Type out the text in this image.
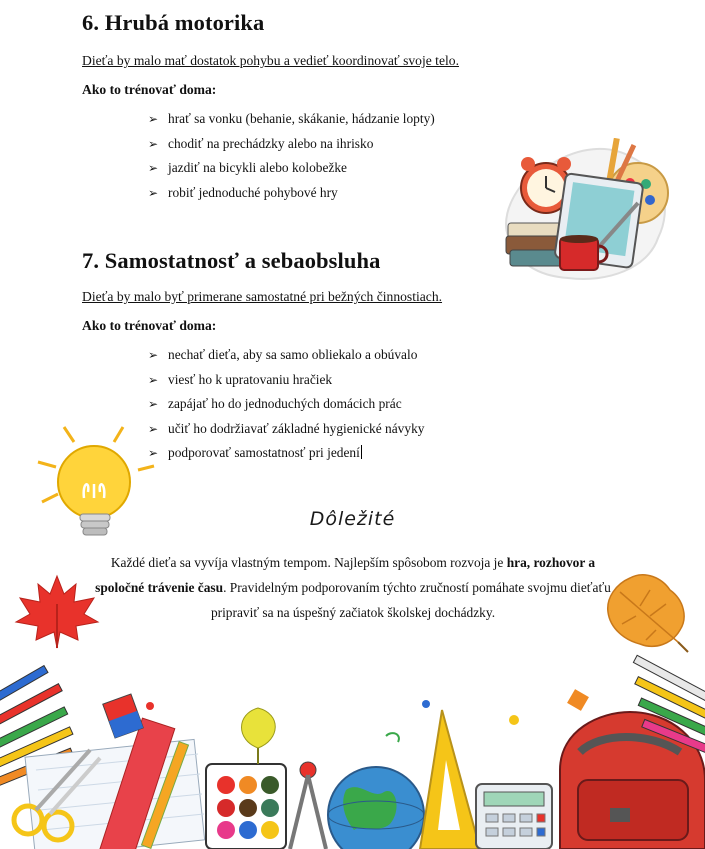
6. Hrubá motorika

Dieťa by malo mať dostatok pohybu a vedieť koordinovať svoje telo.

Ako to trénovať doma:

➢ hrať sa vonku (behanie, skákanie, hádzanie lopty)
➢ chodiť na prechádzky alebo na ihrisko
➢ jazdiť na bicykli alebo kolobežke
➢ robiť jednoduché pohybové hry
7. Samostatnosť a sebaobsluha

Dieťa by malo byť primerane samostatné pri bežných činnostiach.

Ako to trénovať doma:

➢ nechať dieťa, aby sa samo obliekalo a obúvalo
➢ viesť ho k upratovaniu hračiek
➢ zapájať ho do jednoduchých domácich prác
➢ učiť ho dodržiavať základné hygienické návyky
➢ podporovať samostatnosť pri jedení
Dôležité

Každé dieťa sa vyvíja vlastným tempom. Najlepším spôsobom rozvoja je hra, rozhovor a spoločné trávenie času. Pravidelným podporovaním týchto zručností pomáhate svojmu dieťaťu pripraviť sa na úspešný začiatok školskej dochádzky.
